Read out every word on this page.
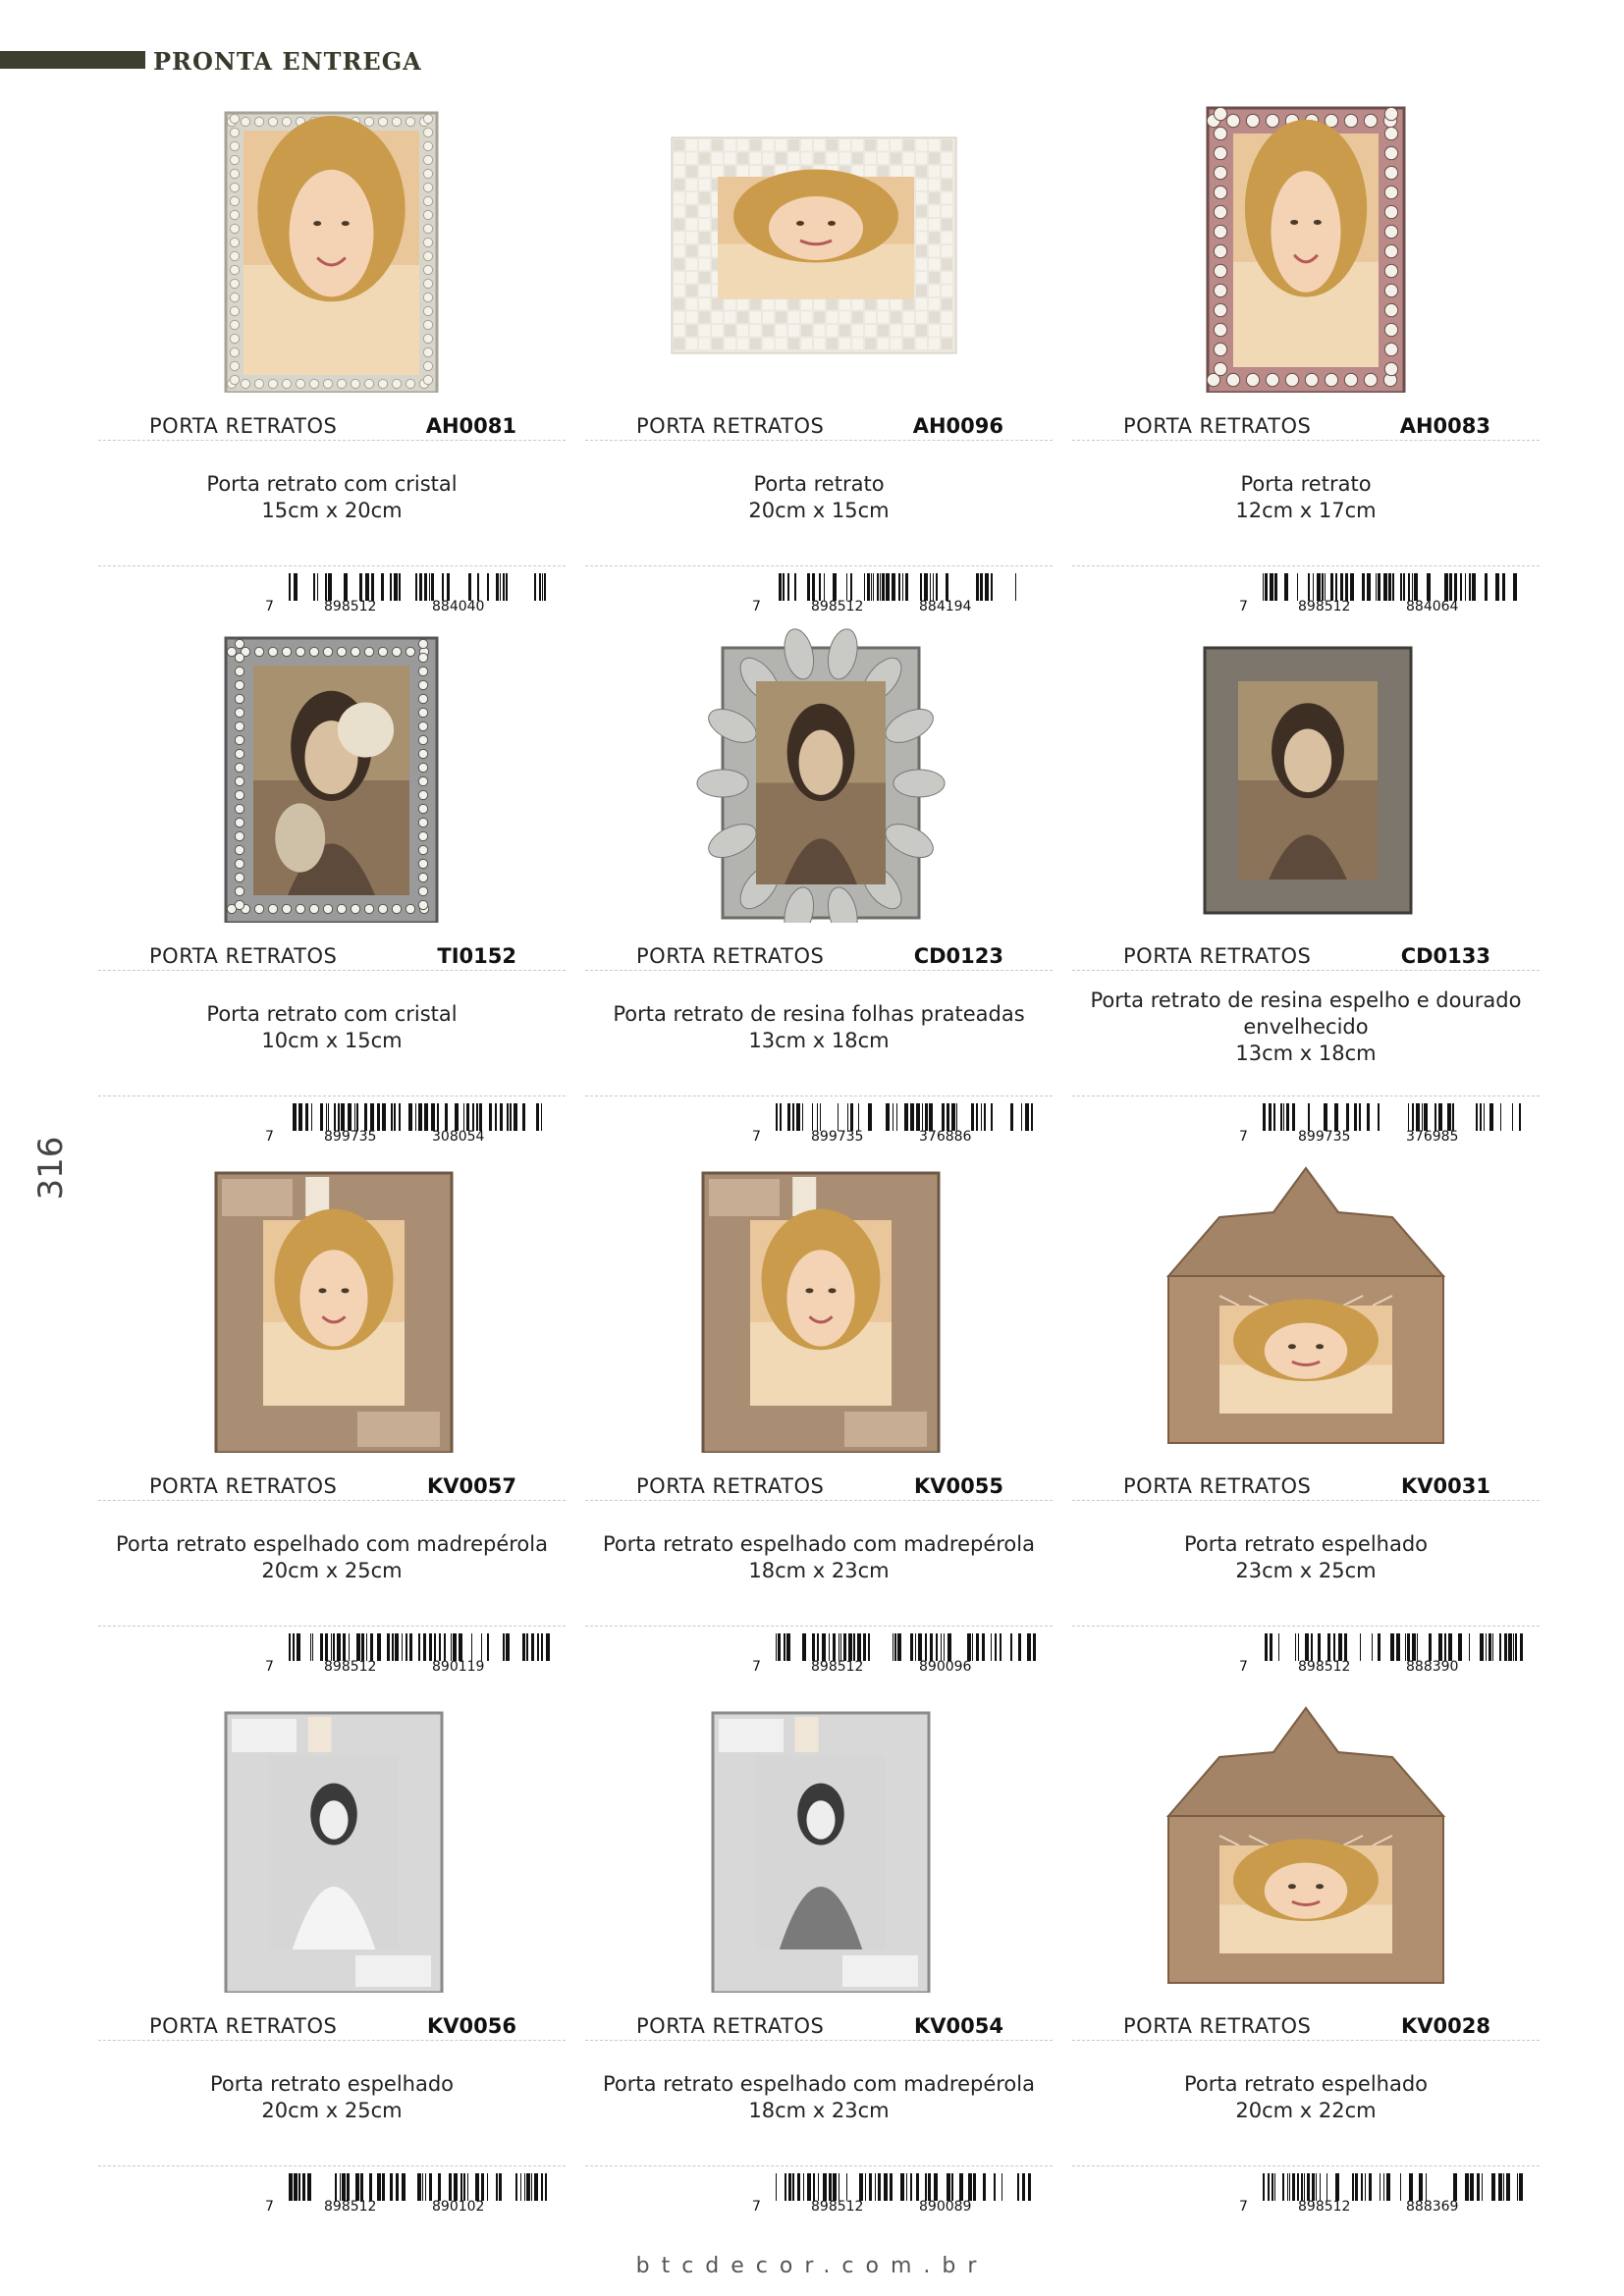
PRONTA ENTREGA
316
PORTA RETRATOS	AH0081
Porta retrato com cristal
15cm x 20cm
7	898512	884040
PORTA RETRATOS	AH0096
Porta retrato
20cm x 15cm
7	898512	884194
PORTA RETRATOS	AH0083
Porta retrato
12cm x 17cm
7	898512	884064
PORTA RETRATOS	TI0152
Porta retrato com cristal
10cm x 15cm
7	899735	308054
PORTA RETRATOS	CD0123
Porta retrato de resina folhas prateadas
13cm x 18cm
7	899735	376886
PORTA RETRATOS	CD0133
Porta retrato de resina espelho e dourado
envelhecido
13cm x 18cm
7	899735	376985
PORTA RETRATOS	KV0057
Porta retrato espelhado com madrepérola
20cm x 25cm
7	898512	890119
PORTA RETRATOS	KV0055
Porta retrato espelhado com madrepérola
18cm x 23cm
7	898512	890096
PORTA RETRATOS	KV0031
Porta retrato espelhado
23cm x 25cm
7	898512	888390
PORTA RETRATOS	KV0056
Porta retrato espelhado
20cm x 25cm
7	898512	890102
PORTA RETRATOS	KV0054
Porta retrato espelhado com madrepérola
18cm x 23cm
7	898512	890089
PORTA RETRATOS	KV0028
Porta retrato espelhado
20cm x 22cm
7	898512	888369
btcdecor.com.br
